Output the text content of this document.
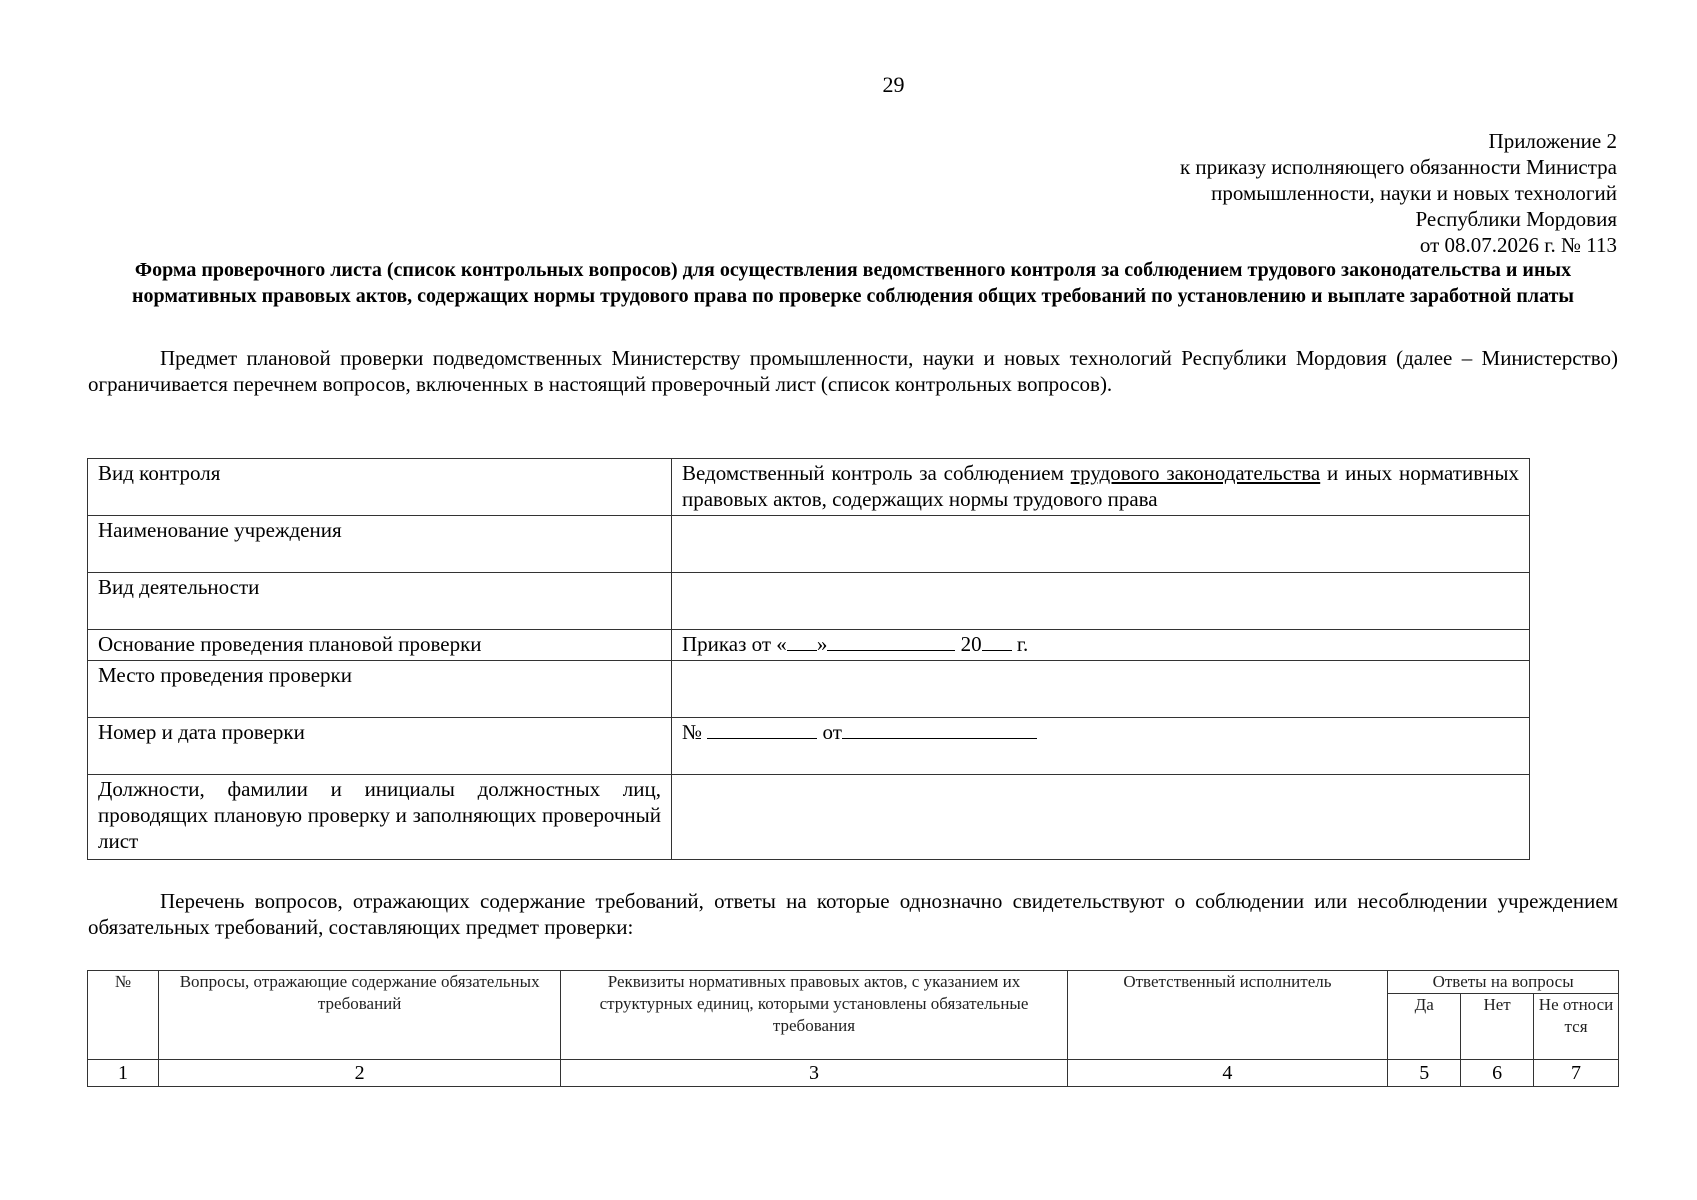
29
Приложение 2
к приказу исполняющего обязанности Министра
промышленности, науки и новых технологий
Республики Мордовия
от 08.07.2026 г. № 113
Форма проверочного листа (список контрольных вопросов) для осуществления ведомственного контроля за соблюдением трудового законодательства и иных нормативных правовых актов, содержащих нормы трудового права по проверке соблюдения общих требований по установлению и выплате заработной платы
Предмет плановой проверки подведомственных Министерству промышленности, науки и новых технологий Республики Мордовия (далее – Министерство) ограничивается перечнем вопросов, включенных в настоящий проверочный лист (список контрольных вопросов).
Вид контроля	Ведомственный контроль за соблюдением трудового законодательства и иных нормативных правовых актов, содержащих нормы трудового права
Наименование учреждения	
Вид деятельности	
Основание проведения плановой проверки	Приказ от « » 20 г.
Место проведения проверки	
Номер и дата проверки	№ от
Должности, фамилии и инициалы должностных лиц, проводящих плановую проверку и заполняющих проверочный лист	
Перечень вопросов, отражающих содержание требований, ответы на которые однозначно свидетельствуют о соблюдении или несоблюдении учреждением обязательных требований, составляющих предмет проверки:
№	Вопросы, отражающие содержание обязательных требований	Реквизиты нормативных правовых актов, с указанием их структурных единиц, которыми установлены обязательные требования	Ответственный исполнитель	Ответы на вопросы		
				Да	Нет	Не относится
1	2	3	4	5	6	7
